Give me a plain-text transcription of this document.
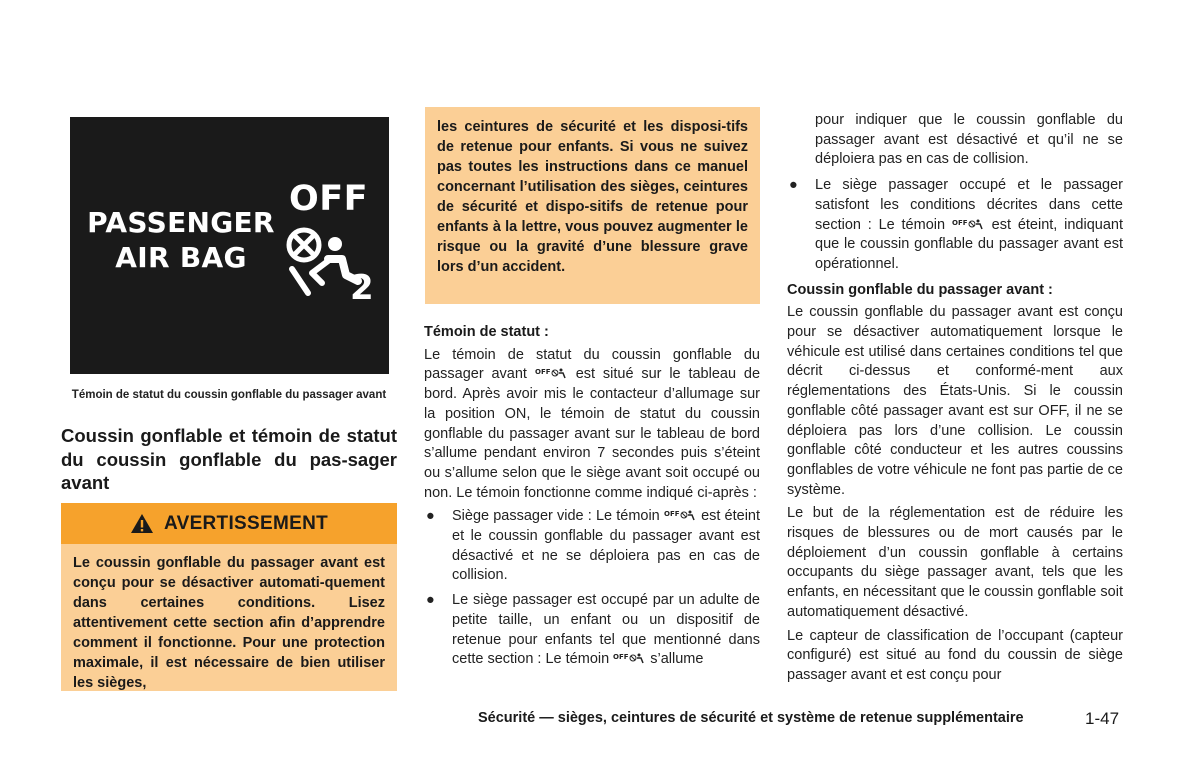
PASSENGER
AIR BAG
OFF
2
Témoin de statut du coussin gonflable du passager avant
Coussin gonflable et témoin de statut du coussin gonflable du pas-sager avant
AVERTISSEMENT

Le coussin gonflable du passager avant est conçu pour se désactiver automati-quement dans certaines conditions. Lisez attentivement cette section afin d’apprendre comment il fonctionne. Pour une protection maximale, il est nécessaire de bien utiliser les sièges,

les ceintures de sécurité et les disposi-tifs de retenue pour enfants. Si vous ne suivez pas toutes les instructions dans ce manuel concernant l’utilisation des sièges, ceintures de sécurité et dispo-sitifs de retenue pour enfants à la lettre, vous pouvez augmenter le risque ou la gravité d’une blessure grave lors d’un accident.

Témoin de statut :

Le témoin de statut du coussin gonflable du passager avant	est situé sur le tableau de bord. Après avoir mis le contacteur d’allumage sur la position ON, le témoin de statut du coussin gonflable du passager avant sur le tableau de bord s’allume pendant environ 7 secondes puis s’éteint ou s’allume selon que le siège avant soit occupé ou non. Le témoin fonctionne comme indiqué ci-après :

● Siège passager vide : Le témoin	est éteint et le coussin gonflable du passager avant est désactivé et ne se déploiera pas en cas de collision.
● Le siège passager est occupé par un adulte de petite taille, un enfant ou un dispositif de retenue pour enfants tel que mentionné dans cette section : Le témoin	s’allume

pour indiquer que le coussin gonflable du passager avant est désactivé et qu’il ne se déploiera pas en cas de collision.

● Le siège passager occupé et le passager satisfont les conditions décrites dans cette section : Le témoin	est éteint, indiquant que le coussin gonflable du passager avant est opérationnel.
Coussin gonflable du passager avant :

Le coussin gonflable du passager avant est conçu pour se désactiver automatiquement lorsque le véhicule est utilisé dans certaines conditions tel que décrit ci-dessus et conformé-ment aux réglementations des États-Unis. Si le coussin gonflable côté passager avant est sur OFF, il ne se déploiera pas lors d’une collision. Le coussin gonflable côté conducteur et les autres coussins gonflables de votre véhicule ne font pas partie de ce système.

Le but de la réglementation est de réduire les risques de blessures ou de mort causés par le déploiement d’un coussin gonflable à certains occupants du siège passager avant, tels que les enfants, en nécessitant que le coussin gonflable soit automatiquement désactivé.

Le capteur de classification de l’occupant (capteur configuré) est situé au fond du coussin de siège passager avant et est conçu pour

Sécurité — sièges, ceintures de sécurité et système de retenue supplémentaire	1-47
